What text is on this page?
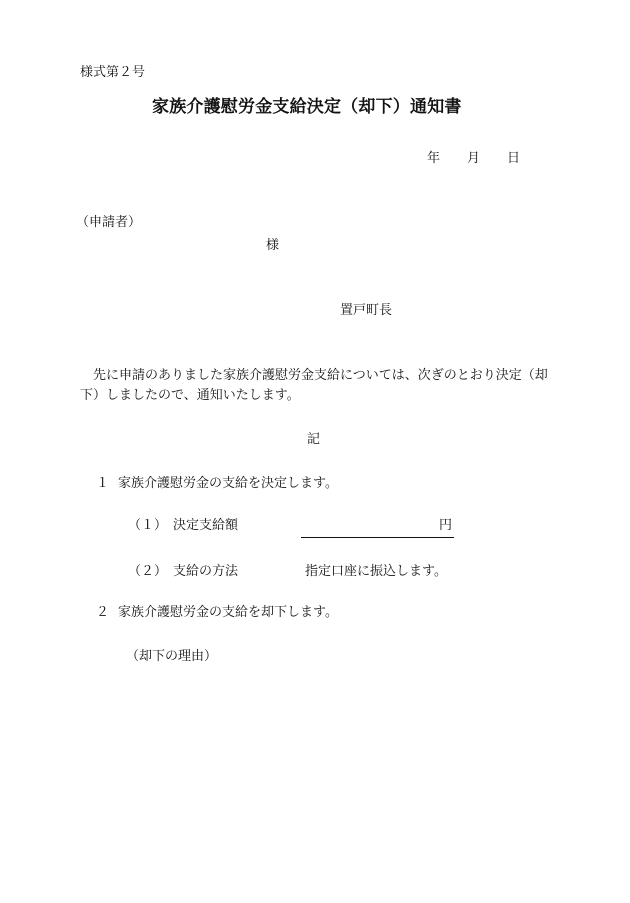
様式第２号
家族介護慰労金支給決定（却下）通知書
年 月 日
（申請者）
様
置戸町長
先に申請のありました家族介護慰労金支給については、次ぎのとおり決定（却下）しましたので、通知いたします。
記
１ 家族介護慰労金の支給を決定します。
（１） 決定支給額	円
（２） 支給の方法	指定口座に振込します。
２ 家族介護慰労金の支給を却下します。
（却下の理由）
